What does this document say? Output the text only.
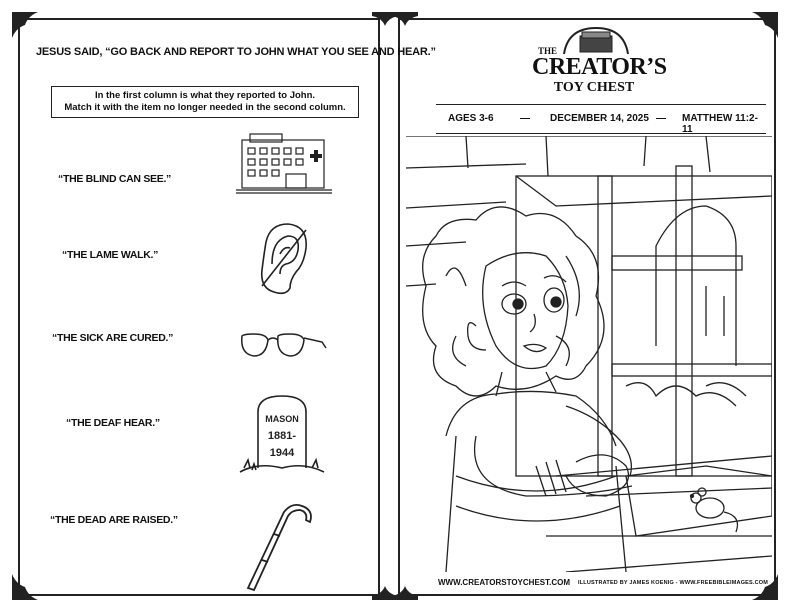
JESUS SAID, “GO BACK AND REPORT TO JOHN WHAT YOU SEE AND HEAR.”
In the first column is what they reported to John.
Match it with the item no longer needed in the second column.
“THE BLIND CAN SEE.”
“THE LAME WALK.”
“THE SICK ARE CURED.”
“THE DEAF HEAR.”
“THE DEAD ARE RAISED.”
MASON
1881-
1944
THE
CREATOR’S
TOY CHEST
AGES 3-6	— DECEMBER 14, 2025 — MATTHEW 11:2-11
WWW.CREATORSTOYCHEST.COM ILLUSTRATED BY JAMES KOENIG - WWW.FREEBIBLEIMAGES.COM
